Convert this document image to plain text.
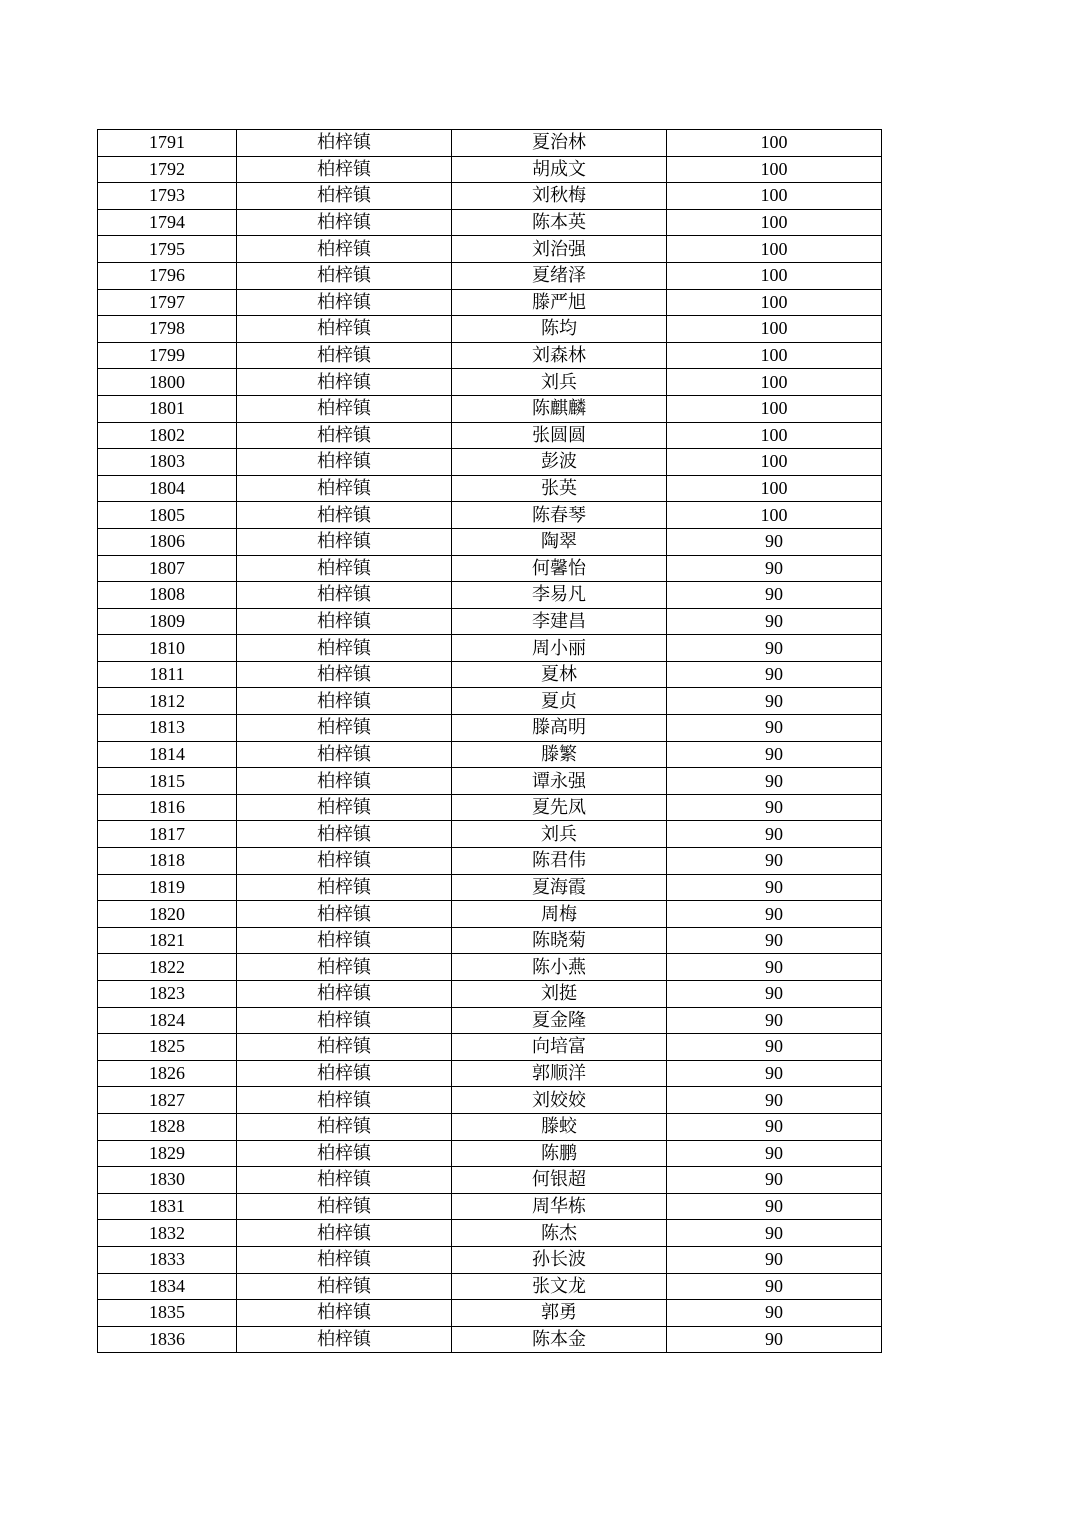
1791	柏梓镇	夏治林	100
1792	柏梓镇	胡成文	100
1793	柏梓镇	刘秋梅	100
1794	柏梓镇	陈本英	100
1795	柏梓镇	刘治强	100
1796	柏梓镇	夏绪泽	100
1797	柏梓镇	滕严旭	100
1798	柏梓镇	陈均	100
1799	柏梓镇	刘森林	100
1800	柏梓镇	刘兵	100
1801	柏梓镇	陈麒麟	100
1802	柏梓镇	张圆圆	100
1803	柏梓镇	彭波	100
1804	柏梓镇	张英	100
1805	柏梓镇	陈春琴	100
1806	柏梓镇	陶翠	90
1807	柏梓镇	何馨怡	90
1808	柏梓镇	李易凡	90
1809	柏梓镇	李建昌	90
1810	柏梓镇	周小丽	90
1811	柏梓镇	夏林	90
1812	柏梓镇	夏贞	90
1813	柏梓镇	滕高明	90
1814	柏梓镇	滕繁	90
1815	柏梓镇	谭永强	90
1816	柏梓镇	夏先凤	90
1817	柏梓镇	刘兵	90
1818	柏梓镇	陈君伟	90
1819	柏梓镇	夏海霞	90
1820	柏梓镇	周梅	90
1821	柏梓镇	陈晓菊	90
1822	柏梓镇	陈小燕	90
1823	柏梓镇	刘挺	90
1824	柏梓镇	夏金隆	90
1825	柏梓镇	向培富	90
1826	柏梓镇	郭顺洋	90
1827	柏梓镇	刘姣姣	90
1828	柏梓镇	滕蛟	90
1829	柏梓镇	陈鹏	90
1830	柏梓镇	何银超	90
1831	柏梓镇	周华栋	90
1832	柏梓镇	陈杰	90
1833	柏梓镇	孙长波	90
1834	柏梓镇	张文龙	90
1835	柏梓镇	郭勇	90
1836	柏梓镇	陈本金	90
